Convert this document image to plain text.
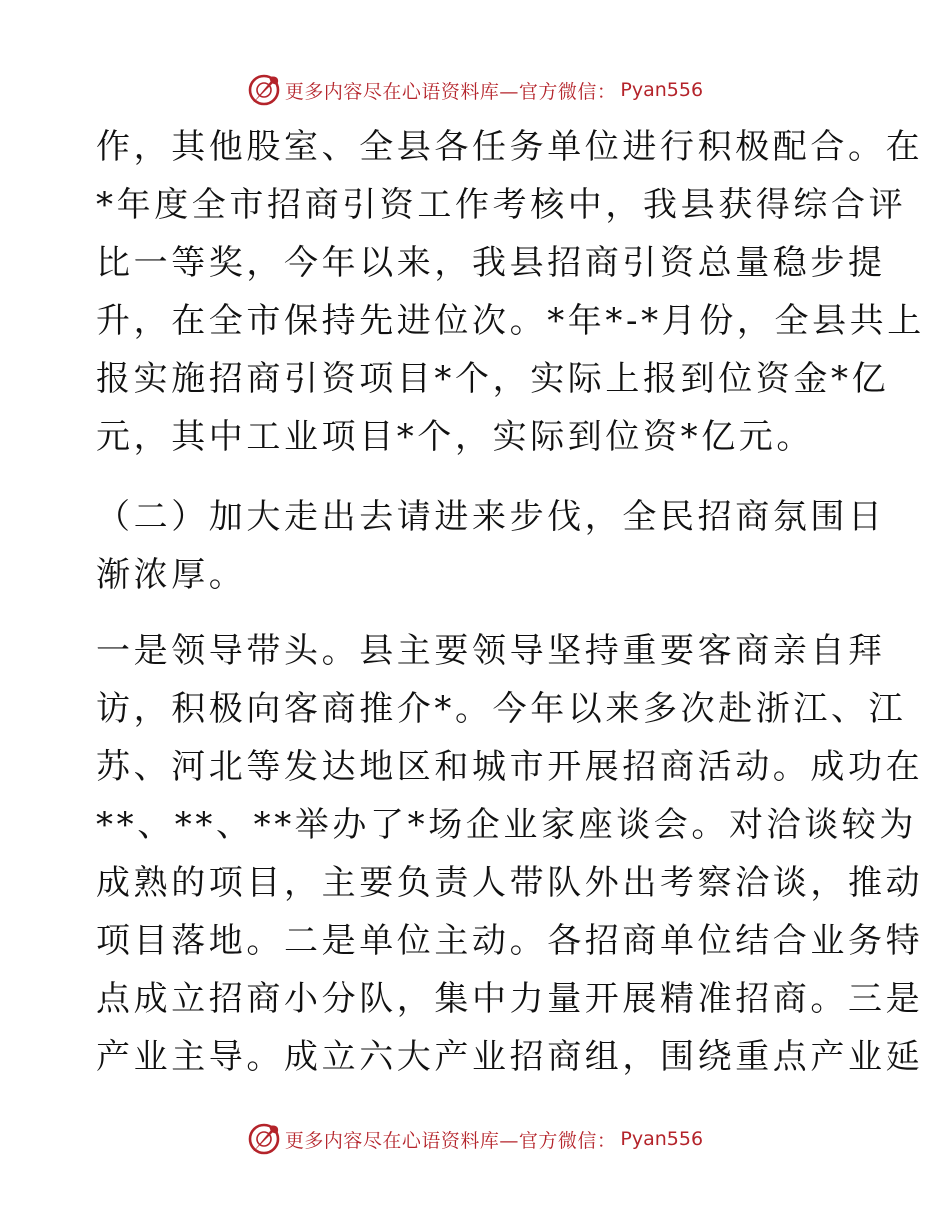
更多内容尽在心语资料库—官方微信： Pyan556
作，其他股室、全县各任务单位进行积极配合。在
*年度全市招商引资工作考核中，我县获得综合评
比一等奖，今年以来，我县招商引资总量稳步提
升，在全市保持先进位次。*年*-*月份，全县共上
报实施招商引资项目*个，实际上报到位资金*亿
元，其中工业项目*个，实际到位资*亿元。
（二）加大走出去请进来步伐，全民招商氛围日
渐浓厚。
一是领导带头。县主要领导坚持重要客商亲自拜
访，积极向客商推介*。今年以来多次赴浙江、江
苏、河北等发达地区和城市开展招商活动。成功在
**、**、**举办了*场企业家座谈会。对洽谈较为
成熟的项目，主要负责人带队外出考察洽谈，推动
项目落地。二是单位主动。各招商单位结合业务特
点成立招商小分队，集中力量开展精准招商。三是
产业主导。成立六大产业招商组，围绕重点产业延
更多内容尽在心语资料库—官方微信： Pyan556
